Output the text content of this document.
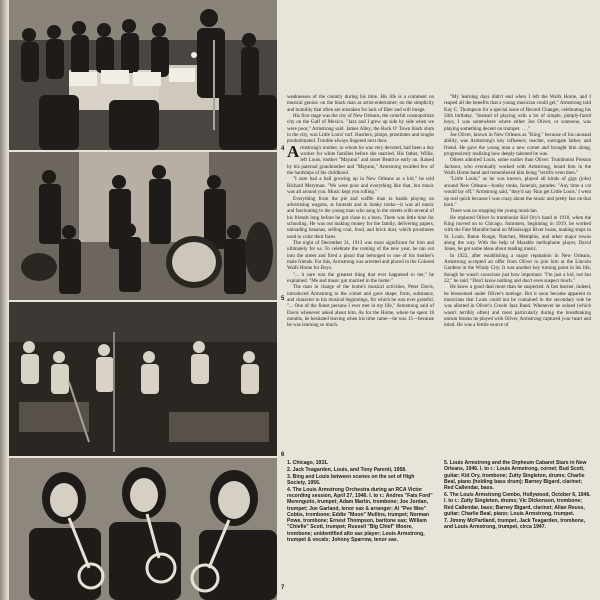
4
5
6
7

weaknesses of the country during his time. His life is a comment on musical genius: on the black man as artist-entertainer; on the simplicity and humility that often are mistaken for lack of fiber and will image.

His first stage was the city of New Orleans, the colorful cosmopolitan city on the Gulf of Mexico. "Jazz and I grew up side by side when we were poor," Armstrong said. James Alley, the Back O' Town black slum in the city, was Little Louis' turf. Hustlers, pimps, prostitutes and toughs predominated. Trouble always lingered next door.

Armstrong's mother, to whom he was very devoted, had been a day worker for white families before she married. His father, Willie, left Louis, mother "Mayann" and sister Beatrice early on. Raised by his paternal grandmother and "Mayann," Armstrong recalled few of the hardships of his childhood.

"I sure had a ball growing up in New Orleans as a kid," he told Richard Meryman. "We were poor and everything like that, but music was all around you. Music kept you rolling."

Everything from the pie and waffle man to bands playing on advertising wagons, at funerals and in honky tonks—it was all music and fascinating to the young man who sang in the streets with several of his friends long before he got close to a horn. There was little time for schooling. He was out making money for the family, delivering papers, unloading bananas, selling coal, food, and brick dust, which prostitutes used to color their faces.

The night of December 31, 1913 was most significant for him and ultimately for us. To celebrate the coming of the new year, he ran out into the street and fired a pistol that belonged to one of his mother's male friends. For this, Armstrong was arrested and placed in the Colored Waifs Home for Boys.

"... it sure was the greatest thing that ever happened to me," he explained. "Me and music got married in the home."

The man in charge of the home's musical activities, Peter Davis, introduced Armstrong to the cornet and gave shape, form, substance, and character to his musical beginnings, for which he was ever grateful. "... One of the finest persons I ever met in my life," Armstrong said of Davis whenever asked about him. As for the Home, where he spent 18 months, he hesitated leaving when his time came—he was 15—because he was learning so much.

"My learning days didn't end when I left the Waifs Home, and I reaped all the benefits that a young musician could get," Armstrong told Kay C. Thompson for a special issue of Record Changer, celebrating his 50th birthday. "Instead of playing with a lot of simple, pimply-faced boys, I was somewhere where either Joe Oliver, or someone, was playing something decent on trumpet. . . ."

Joe Oliver, known in New Orleans as "King," because of his unusual ability, was Armstrong's key influence, teacher, surrogate father, and friend. He gave the young man a new cornet and brought him along, progressively realizing how deeply talented he was.

Others admired Louis, some earlier than Oliver. Trombonist Preston Jackson, who eventually worked with Armstrong, heard him in the Waifs Home band and remembered him being "terrific even then."

"Little Louis," as he was known, played all kinds of gigs (jobs) around New Orleans—honky tonks, funerals, parades. "Any time a cat would lay off," Armstrong said, "they'd say 'Run get Little Louis.' I went up real quick because I was crazy about the music and pretty fast on that horn."

There was no stopping the young musician.

He replaced Oliver in trombonist Kid Ory's band in 1918, when the King moved on to Chicago. Summers, beginning in 1919, he worked with the Fate Marable band on Mississippi River boats, making stops in St. Louis, Baton Rouge, Natchez, Memphis, and other major towns along the way. With the help of Marable mellophone player, David Jones, he got some ideas about reading music.

In 1922, after establishing a major reputation in New Orleans, Armstrong accepted an offer from Oliver to join him at the Lincoln Gardens in the Windy City. It was another key turning point in his life, though he wasn't conscious just how important: "I'm just a kid, not but 22," he said. "Don't know nothing and don't even suspect much."

He knew a good deal more than he suspected. A fast learner, indeed, he blossomed under Oliver's tutelage. But it soon became apparent to musicians that Louis could not be contained in the secondary role he was allotted in Oliver's Creole Jazz Band. Whenever he soloed (which wasn't terribly often) and most particularly during the breathtaking unison breaks he played with Oliver, Armstrong captured your heart and mind. He was a fertile source of

1. Chicago, 1931.
2. Jack Teagarden, Louis, and Tony Parenti, 1958.
3. Bing and Louis between scenes on the set of High Society, 1956.
4. The Louis Armstrong Orchestra during an RCA Victor recording session, April 27, 1946. l. to r.: Andres "Fats Ford" Merenguito, trumpet; Adam Martin, trombone; Joe Jordan, trumpet; Joe Garland, tenor sax & arranger; Al "Pee Wee" Cobbs, trombone; Eddie "Moon" Mullins, trumpet; Norman Powe, trombone; Ernest Thompson, baritone sax; William "Chiefie" Scott, trumpet; Russell "Big Chief" Moore, trombone; unidentified alto sax player; Louis Armstrong, trumpet & vocals; Johnny Sparrow, tenor sax.
5. Louis Armstrong and the Orpheum Cabaret Stars in New Orleans, 1946. l. to r.: Louis Armstrong, cornet; Bud Scott, guitar; Kid Ory, trombone; Zutty Singleton, drums; Charlie Beal, piano (holding bass drum); Barney Bigard, clarinet; Red Callendar, bass.
6. The Louis Armstrong Combo, Hollywood, October 6, 1946. l. to r.: Zutty Singleton, drums; Vic Dickenson, trombone; Red Callendar, bass; Barney Bigard, clarinet; Allan Reuss, guitar; Charlie Beal, piano; Louis Armstrong, trumpet.
7. Jimmy McPartland, trumpet, Jack Teagarden, trombone, and Louis Armstrong, trumpet, circa 1947.
